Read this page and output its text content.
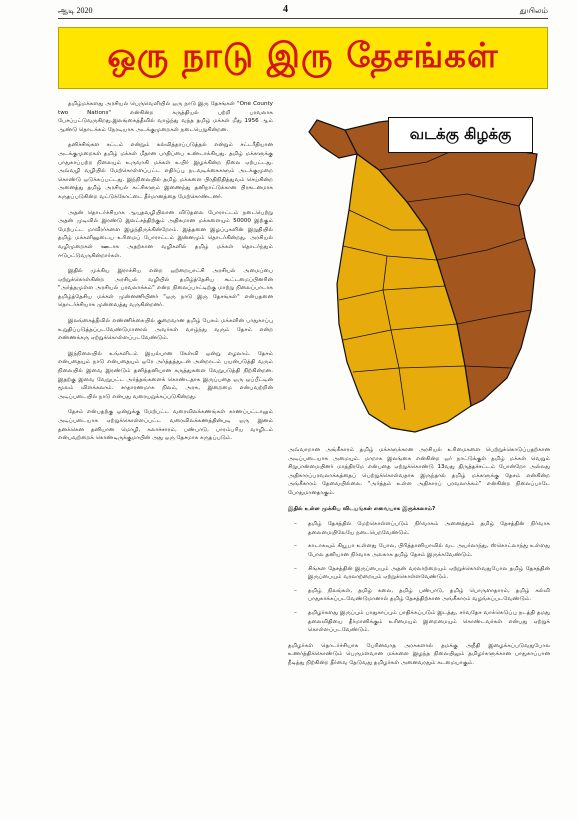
ஆடி 2020	4	துயிலம்
ஒரு நாடு இரு தேசங்கள்

தமிழ்மக்களது அரசியல் பெருவெளியில் ஒரு நாடு இரு தேசங்கள் "One County two Nations" என்கின்ற கருத்தியல் பற்றி பரவலாக பேசப்பட்டுவருகிறது.இலங்கைத்தீவில் வாழ்ந்து வந்த தமிழ் மக்கள் மீது 1956 ஆம் ஆண்டு தொடக்கம் நேரடியாக அடக்குமுறைகள் நடைபெறுகின்றன.

தனிச்சிங்கள சட்டம் என்றும் கல்வித்தரப்படுத்தல் என்றும் சட்டரீதியான அடக்குமுறைகள் தமிழ் மக்கள் மீதான பாதிப்பை உண்டாக்கியது. தமிழ் மக்களுக்கு பாதுகாப்பற்ற நிலையும் உருவாகி மக்கள் உயிர் இழக்கின்ற நிலை ஏற்பட்டது. அவ்வழி வழியில் மேற்கொள்ளப்பட்ட எதிர்ப்பு நடவடிக்கைகளும் அடக்குமுறை கொண்டு ஒடுக்கப்பட்டது. இந்நிலையில் தமிழ் மக்களை பிரதிநிதித்துவம் செய்கின்ற அனைத்து தமிழ் அரசியல் கட்சிகளும் இணைந்து தனிநாட்டுக்கான பிரகடனமாக கருதப்படுகின்ற வட்டுக்கோட்டை தீர்மானத்தை மேற்கொண்டனர்.

அதன் தொடர்ச்சியாக ஆயுதவழியிலான விடுதலை போராட்டம் நடைபெற்று அதன் முடிவில் இரண்டு இலட்சத்திற்கும் அதிகமான மக்களையும் 50000 இற்கும் மேற்பட்ட மாவீரர்களை இழந்திருக்கின்றோம். இத்தனை இழப்புகளின் இறுதியில் தமிழ் மக்களினுடைய உரிமைப் போராட்டம் இன்னமும் தொடர்கின்றது. அரசியல் வழிமுறைகள் ஊடாக அதற்கான வழிகளில் தமிழ் மக்கள் தொடர்ந்தும் ஈடுபட்டுவருகின்றார்கள்.

இதில் முக்கிய இராச்சிய என்ற ஒற்றையாட்சி அரசியல் அமைப்பை ஏற்றுக்கொள்கின்ற அரசியல் வழியில் தமிழ்த்தேசிய கூட்டமைப்பினரின் "அர்த்தமுள்ள அரசியல் பரவலாக்கம்" என்ற நிலைப்பாட்டிற்கு மாற்று நிலைப்பாடாக தமிழ்த்தேசிய மக்கள் முன்னணியினர் "ஒரு நாடு இரு தேசங்கள்" என்பதனை தொடர்ச்சியாக முன்வைத்து வருகின்றனர்.

இலங்கைத்தீவில் எண்ணிக்கையில் குறைவான தமிழ் பேசும் மக்களின் பாதுகாப்பு உறுதிப்படுத்தப்படவேண்டுமானால் அவர்கள் வாழ்ந்து வரும் தேசம் என்ற எண்ணக்கரு ஏற்றுக்கொள்ளப்படவேண்டும்.

இந்நிலையில் உங்களிடம் இயல்பான கேள்வி ஒன்று எழலாம். தேசம் என்பதையும் நாடு என்பதையும் ஒரே அர்த்தத்துடன் அன்றாடம் பயன்படுத்தி வரும் நிலையில் இவை இரண்டும் தனித்தனியான கருத்துகளை வேறுபடுத்தி நிற்கின்றன. இதற்கு இவை வேறுபட்ட அர்த்தங்களைக் கொண்டதாக இருப்பதை ஒரு ஒப்பீட்டின் மூலம் விளக்கலாம். சாதாரணமாக நிலம், அரசு, இறைமை என்பவற்றின் அடிப்படையில் நாடு என்பது வரையறுக்கப்படுகின்றது.

தேசம் என்பதற்கு ஒன்றுக்கு மேற்பட்ட வரைவிலக்கணங்கள் காணப்பட்டாலும் அடிப்படையாக ஏற்றுக்கொள்ளப்பட்ட வரைவிலக்கணத்தின்படி ஒரு இனம் தனக்கென தனியான மொழி, கலாச்சாரம், பண்பாடு, பாரம்பரிய வாழிடம் என்பவற்றைக் கொண்டிருக்குமாயின் அது ஒரு தேசமாக கருதப்படும்.

வடக்கு கிழக்கு

அவ்வாறான அங்கீகாரம் தமிழ் மக்களுக்கான அரசியல் உரிமைகளை பெற்றுக்கொடுப்பதற்கான அடிப்படையாக அமையும். மாறாக இலங்கை என்கின்ற ஒர் நாட்டுக்குள் தமிழ் மக்கள் வெறும் சிறுபான்மையினர் மாத்திரமே என்பதை ஏற்றுக்கொண்டு 13வது திருத்தச்சட்டம் போன்றோ அல்லது அதிகாரப்பரவலாக்கத்தைப் பெற்றுக்கொள்வதாக இருந்தால் தமிழ் மக்களுக்கு தேசம் என்கின்ற அங்கீகாரம் தேவையில்லை. "அர்த்தம் உள்ள அதிகாரப் பரவலாக்கம்" என்கின்ற நிலைப்பாடே போதுமானதாகும்.

இதில் உள்ள முக்கிய விடயங்கள் எவையாக இருக்கலாம்?

– தமிழ் தேசத்தில் மேற்கொள்ளப்படும் நிர்வாகம் அனைத்தும் தமிழ் தேசத்தின் நிர்வாக தலைமையிலேயே நடைபெறவேண்டும்.
– காடாகவும் கியூபா உள்ளது போல, பிரித்தானியாவில் வட அயர்லாந்து, ஸ்கொட்லாந்து உள்ளது போல தனியான நிர்வாக அலகாக தமிழ் தேசம் இருக்கவேண்டும்.
– சிங்கள தேசத்தின் இருப்பையும் அதன் வரலாற்றையும் ஏற்றுக்கொள்வதுபோல தமிழ் தேசத்தின் இருப்பையும் வரலாற்றையும் ஏற்றுக்கொள்ளவேண்டும்.
– தமிழ் நிலங்கள், தமிழ் கலை, தமிழ் பண்பாடு, தமிழ் பொருளாதாரம், தமிழ் கல்வி பாதுகாக்கப்படவேண்டுமானால் தமிழ் தேசத்திற்கான அங்கீகாரம் வழங்கப்படவேண்டும்.
– தமிழர்களது இருப்பும் பாதுகாப்பும் பாதிக்கப்படும் இடத்து, சர்வதேச வாக்கெடுப்பு நடத்தி தமது தலைவிதியை தீர்மானிக்கும் உரிமையும் இறைமையும் கொண்டவர்கள் என்பது ஏற்றுக் கொள்ளப்படவேண்டும்.

தமிழர்கள் தொடர்ச்சியாக பேரினவாத அரசுகளால் தமக்கு அநீதி இழைக்கப்படுவதுபோல உணர்த்திக்கொண்டும் பெருமளவான மக்களை இழந்த நிலையிலும் தமிழர்களுக்கான பாதுகாப்பான நீடித்து நிற்கின்ற தீர்வை தேடுவது தமிழர்கள் அனைவரதும் கடமையாகும்.
